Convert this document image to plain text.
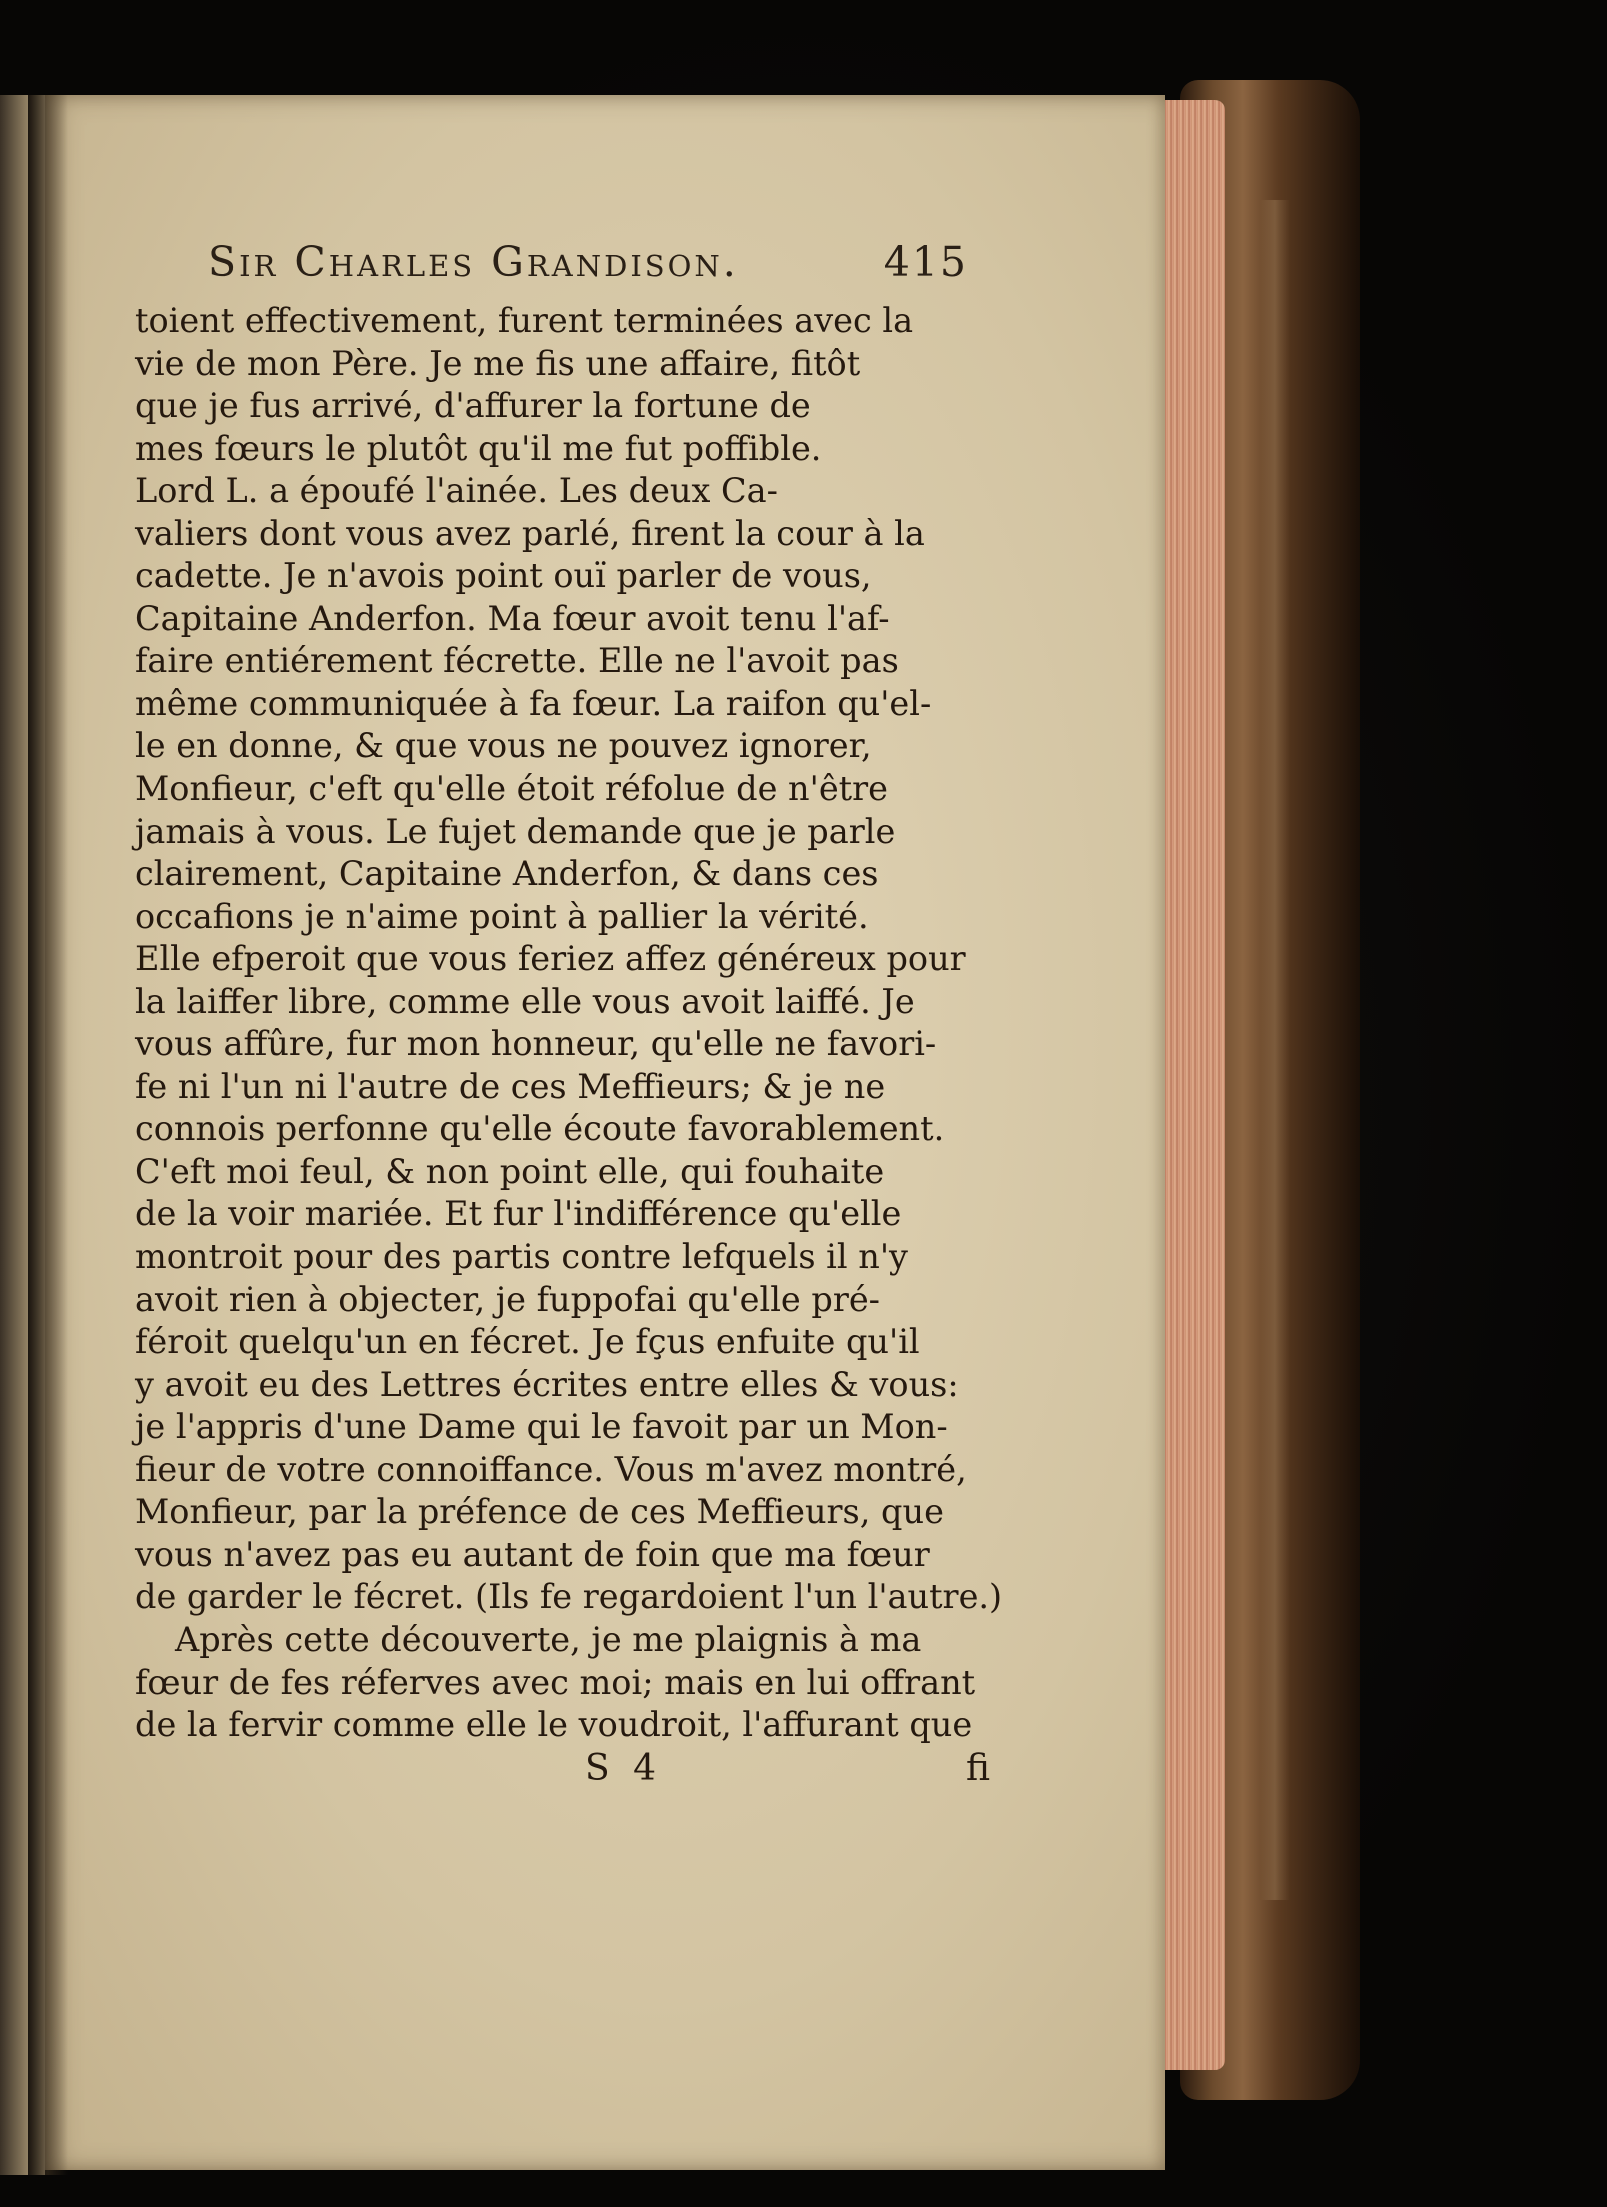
Sir Charles Grandison.	415
toient effectivement, furent terminées avec la
vie de mon Père. Je me fis une affaire, fitôt
que je fus arrivé, d'affurer la fortune de
mes fœurs le plutôt qu'il me fut poffible.
Lord L. a époufé l'ainée. Les deux Ca-
valiers dont vous avez parlé, firent la cour à la
cadette. Je n'avois point ouï parler de vous,
Capitaine Anderfon. Ma fœur avoit tenu l'af-
faire entiérement fécrette. Elle ne l'avoit pas
même communiquée à fa fœur. La raifon qu'el-
le en donne, & que vous ne pouvez ignorer,
Monfieur, c'eft qu'elle étoit réfolue de n'être
jamais à vous. Le fujet demande que je parle
clairement, Capitaine Anderfon, & dans ces
occafions je n'aime point à pallier la vérité.
Elle efperoit que vous feriez affez généreux pour
la laiffer libre, comme elle vous avoit laiffé. Je
vous affûre, fur mon honneur, qu'elle ne favori-
fe ni l'un ni l'autre de ces Meffieurs; & je ne
connois perfonne qu'elle écoute favorablement.
C'eft moi feul, & non point elle, qui fouhaite
de la voir mariée. Et fur l'indifférence qu'elle
montroit pour des partis contre lefquels il n'y
avoit rien à objecter, je fuppofai qu'elle pré-
féroit quelqu'un en fécret. Je fçus enfuite qu'il
y avoit eu des Lettres écrites entre elles & vous:
je l'appris d'une Dame qui le favoit par un Mon-
fieur de votre connoiffance. Vous m'avez montré,
Monfieur, par la préfence de ces Meffieurs, que
vous n'avez pas eu autant de foin que ma fœur
de garder le fécret. (Ils fe regardoient l'un l'autre.)
Après cette découverte, je me plaignis à ma
fœur de fes réferves avec moi; mais en lui offrant
de la fervir comme elle le voudroit, l'affurant que
S 4	fi
